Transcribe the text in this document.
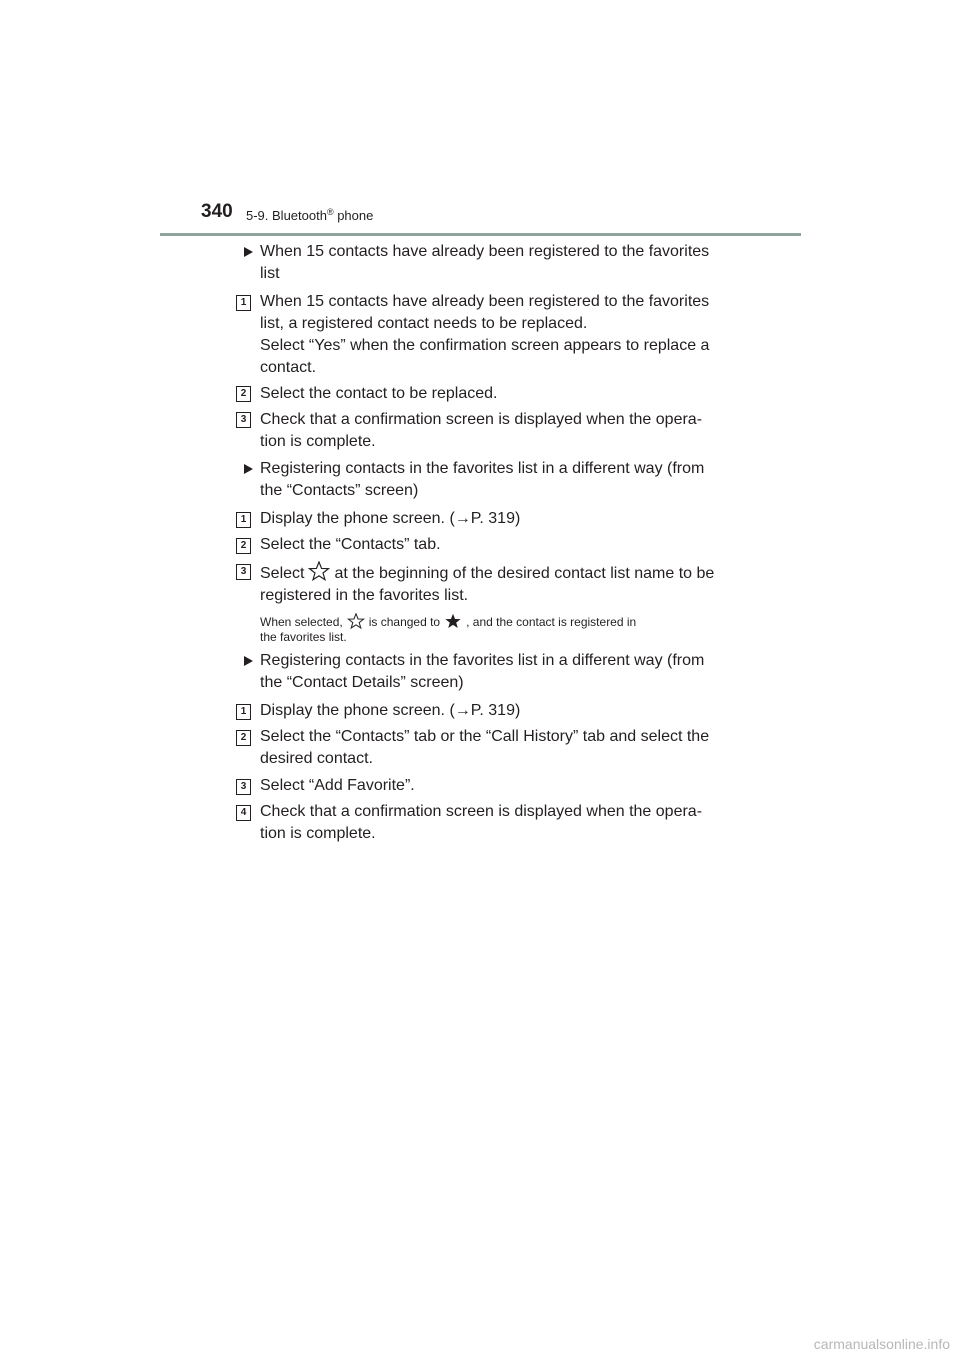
340 5-9. Bluetooth® phone
When 15 contacts have already been registered to the favorites
list
1 When 15 contacts have already been registered to the favorites
list, a registered contact needs to be replaced.
Select “Yes” when the confirmation screen appears to replace a
contact.
2 Select the contact to be replaced.
3 Check that a confirmation screen is displayed when the opera-
tion is complete.
Registering contacts in the favorites list in a different way (from
the “Contacts” screen)
1 Display the phone screen. (→P. 319)
2 Select the “Contacts” tab.
3 Select at the beginning of the desired contact list name to be
registered in the favorites list.
When selected, is changed to , and the contact is registered in
the favorites list.
Registering contacts in the favorites list in a different way (from
the “Contact Details” screen)
1 Display the phone screen. (→P. 319)
2 Select the “Contacts” tab or the “Call History” tab and select the
desired contact.
3 Select “Add Favorite”.
4 Check that a confirmation screen is displayed when the opera-
tion is complete.
carmanualsonline.info
